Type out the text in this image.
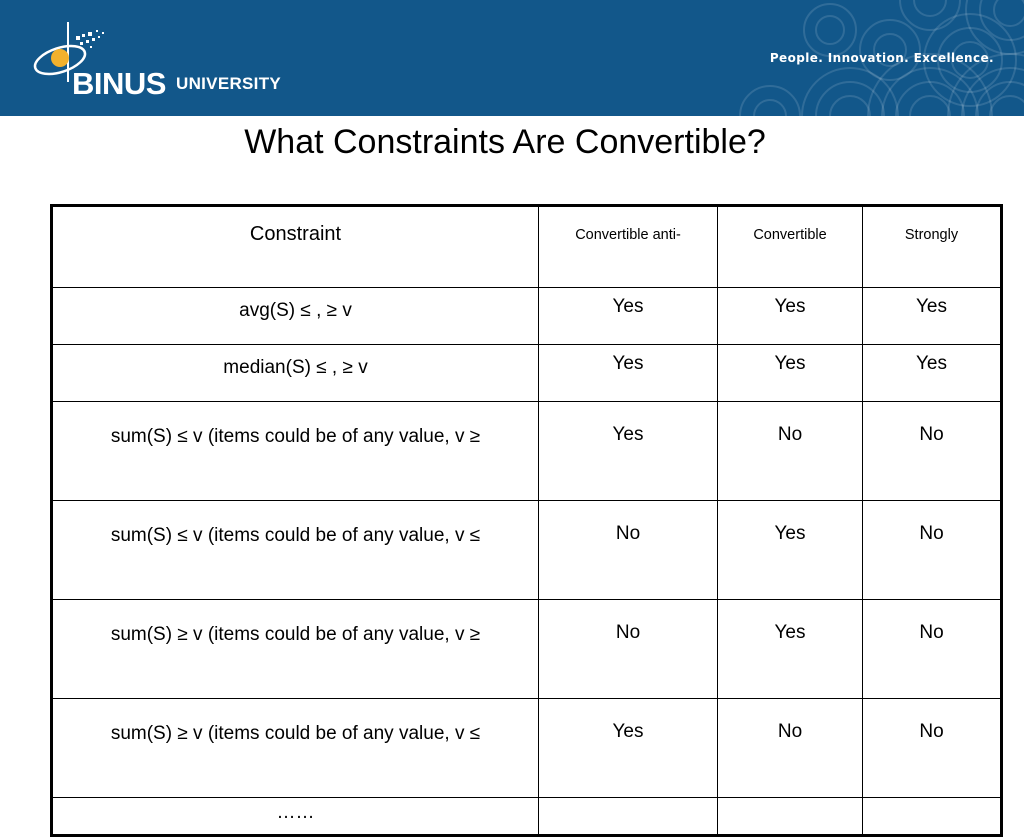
BINUS UNIVERSITY
People. Innovation. Excellence.
What Constraints Are Convertible?
Constraint	Convertible anti-	Convertible	Strongly
avg(S) ≤ , ≥ v	Yes	Yes	Yes
median(S) ≤ , ≥ v	Yes	Yes	Yes
sum(S) ≤ v (items could be of any value, v ≥	Yes	No	No
sum(S) ≤ v (items could be of any value, v ≤	No	Yes	No
sum(S) ≥ v (items could be of any value, v ≥	No	Yes	No
sum(S) ≥ v (items could be of any value, v ≤	Yes	No	No
……			
